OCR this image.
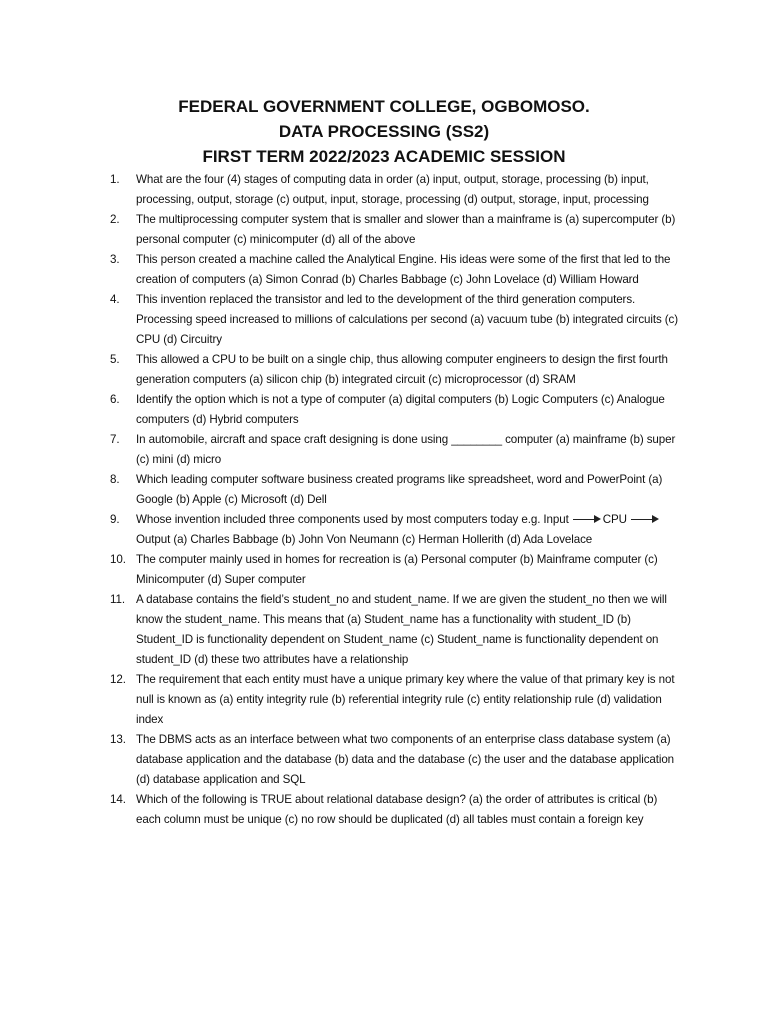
FEDERAL GOVERNMENT COLLEGE, OGBOMOSO.
DATA PROCESSING (SS2)
FIRST TERM 2022/2023 ACADEMIC SESSION
1.	What are the four (4) stages of computing data in order (a) input, output, storage, processing (b) input, processing, output, storage (c) output, input, storage, processing (d) output, storage, input, processing
2.	The multiprocessing computer system that is smaller and slower than a mainframe is (a) supercomputer (b) personal computer (c) minicomputer (d) all of the above
3.	This person created a machine called the Analytical Engine. His ideas were some of the first that led to the creation of computers (a) Simon Conrad (b) Charles Babbage (c) John Lovelace (d) William Howard
4.	This invention replaced the transistor and led to the development of the third generation computers. Processing speed increased to millions of calculations per second (a) vacuum tube (b) integrated circuits (c) CPU (d) Circuitry
5.	This allowed a CPU to be built on a single chip, thus allowing computer engineers to design the first fourth generation computers (a) silicon chip (b) integrated circuit (c) microprocessor (d) SRAM
6.	Identify the option which is not a type of computer (a) digital computers (b) Logic Computers (c) Analogue computers (d) Hybrid computers
7.	In automobile, aircraft and space craft designing is done using ________ computer (a) mainframe (b) super (c) mini (d) micro
8.	Which leading computer software business created programs like spreadsheet, word and PowerPoint (a) Google (b) Apple (c) Microsoft (d) Dell
9.	Whose invention included three components used by most computers today e.g. Input	CPUOutput (a) Charles Babbage (b) John Von Neumann (c) Herman Hollerith (d) Ada Lovelace
10. The computer mainly used in homes for recreation is (a) Personal computer (b) Mainframe computer (c) Minicomputer (d) Super computer
11. A database contains the field’s student_no and student_name. If we are given the student_no then we will know the student_name. This means that (a) Student_name has a functionality with student_ID (b) Student_ID is functionality dependent on Student_name (c) Student_name is functionality dependent on student_ID (d) these two attributes have a relationship
12. The requirement that each entity must have a unique primary key where the value of that primary key is not null is known as (a) entity integrity rule (b) referential integrity rule (c) entity relationship rule (d) validation index
13. The DBMS acts as an interface between what two components of an enterprise class database system (a) database application and the database (b) data and the database (c) the user and the database application (d) database application and SQL
14. Which of the following is TRUE about relational database design? (a) the order of attributes is critical (b) each column must be unique (c) no row should be duplicated (d) all tables must contain a foreign key
